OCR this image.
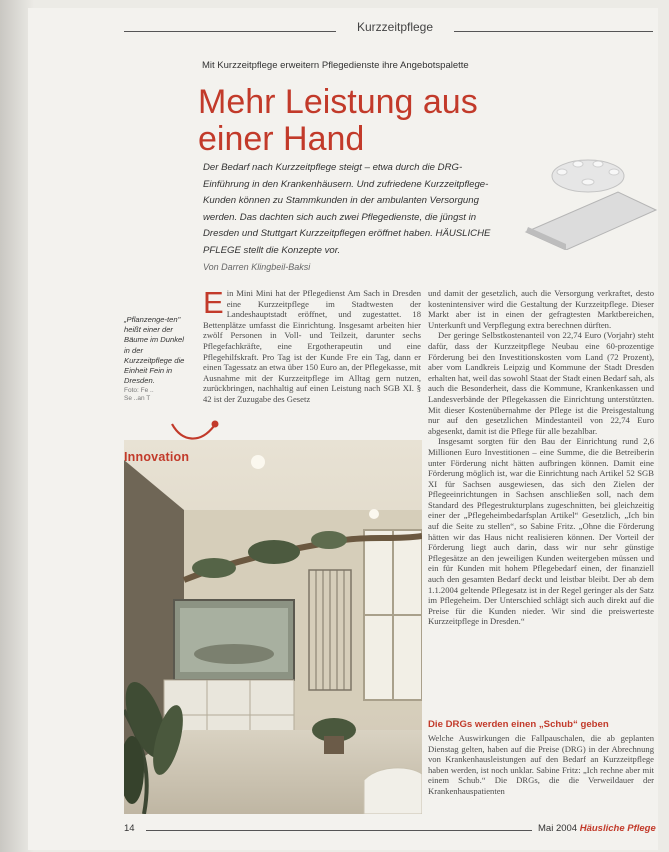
Kurzzeitpflege
Mit Kurzzeitpflege erweitern Pflegedienste ihre Angebotspalette
Mehr Leistung aus
einer Hand
Der Bedarf nach Kurzzeitpflege steigt – etwa durch die DRG-Einführung in den Krankenhäusern. Und zufriedene Kurzzeitpflege-Kunden können zu Stammkunden in der ambulanten Versorgung werden. Das dachten sich auch zwei Pflegedienste, die jüngst in Dresden und Stuttgart Kurzzeitpflegen eröffnet haben. HÄUSLICHE PFLEGE stellt die Konzepte vor.
Von Darren Klingbeil-Baksi
„Pflanzenge-ten" heißt einer der Bäume im Dunkel in der Kurzzeitpflege die Einheit Fein in Dresden.
Foto: Fe ..
Se ..an T
E in Mini Mini hat der Pflegedienst Am Sach in Dresden eine Kurzzeitpflege im Stadtwesten der Landeshauptstadt eröffnet, und zugestattet. 18 Bettenplätze umfasst die Einrichtung. Insgesamt arbeiten hier zwölf Personen in Voll- und Teilzeit, darunter sechs Pflegefachkräfte, eine Ergotherapeutin und eine Pflegehilfskraft. Pro Tag ist der Kunde Fre ein Tag, dann er einen Tagessatz an etwa über 150 Euro an, der Pflegekasse, mit Ausnahme mit der Kurzzeitpflege im Alltag gern nutzen, zurückbringen, nachhaltig auf einen Leistung nach SGB XI. § 42 ist der Zuzugabe des Gesetz

und damit der gesetzlich, auch die Versorgung verkraftet, desto kostenintensiver wird die Gestaltung der Kurzzeitpflege. Dieser Markt aber ist in einen der gefragtesten Marktbereichen, Unterkunft und Verpflegung extra berechnen dürften.

Der geringe Selbstkostenanteil von 22,74 Euro (Vorjahr) steht dafür, dass der Kurzzeitpflege Neubau eine 60-prozentige Förderung bei den Investitionskosten vom Land (72 Prozent), aber vom Landkreis Leipzig und Kommune der Stadt Dresden erhalten hat, weil das sowohl Staat der Stadt einen Bedarf sah, als auch die Besonderheit, dass die Kommune, Krankenkassen und Landesverbände der Pflegekassen die Einrichtung unterstützten. Mit dieser Kostenübernahme der Pflege ist die Preisgestaltung nur auf den gesetzlichen Mindestanteil von 22,74 Euro abgesenkt, damit ist die Pflege für alle bezahlbar.

Insgesamt sorgten für den Bau der Einrichtung rund 2,6 Millionen Euro Investitionen – eine Summe, die die Betreiberin unter Förderung nicht hätten aufbringen können. Damit eine Förderung möglich ist, war die Einrichtung nach Artikel 52 SGB XI für Sachsen ausgewiesen, das sich den Zielen der Pflegeeinrichtungen in Sachsen anschließen soll, nach dem Standard des Pflegestrukturplans zugeschnitten, bei gleichzeitig einer der „Pflegeheimbedarfsplan Artikel“ Gesetzlich, „Ich bin auf die Seite zu stellen“, so Sabine Fritz. „Ohne die Förderung hätten wir das Haus nicht realisieren können. Der Vorteil der Förderung liegt auch darin, dass wir nur sehr günstige Pflegesätze an den jeweiligen Kunden weitergeben müssen und ein für Kunden mit hohem Pflegebedarf einen, der finanziell auch den gesamten Bedarf deckt und leistbar bleibt. Der ab dem 1.1.2004 geltende Pflegesatz ist in der Regel geringer als der Satz im Pflegeheim. Der Unterschied schlägt sich auch direkt auf die Preise für die Kunden nieder. Wir sind die preiswerteste Kurzzeitpflege in Dresden.“

Die DRGs werden einen „Schub“ geben

Welche Auswirkungen die Fallpauschalen, die ab geplanten Dienstag gelten, haben auf die Preise (DRG) in der Abrechnung von Krankenhausleistungen auf den Bedarf an Kurzzeitpflege haben werden, ist noch unklar. Sabine Fritz: „Ich rechne aber mit einem Schub.“ Die DRGs, die die Verweildauer der Krankenhauspatienten

Innovation
14	Mai 2004 Häusliche Pflege
